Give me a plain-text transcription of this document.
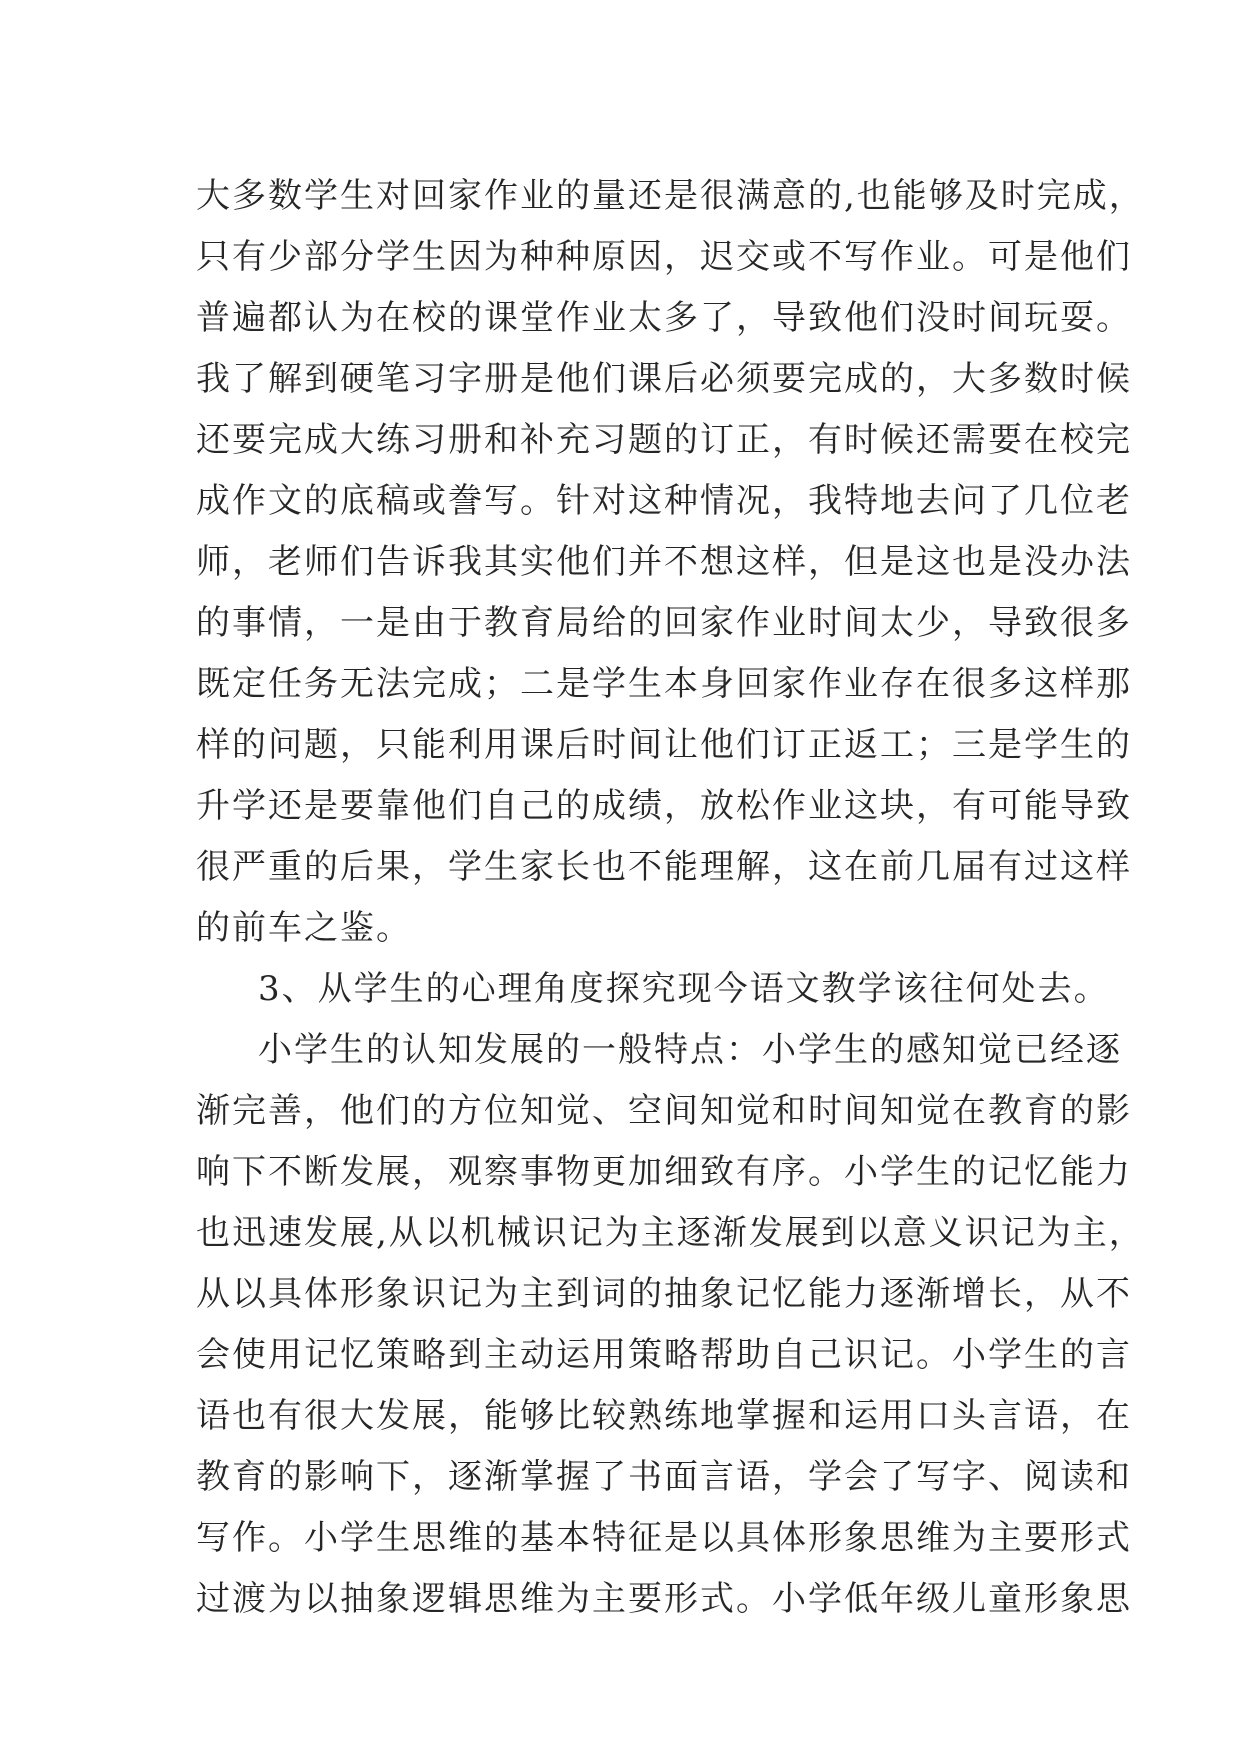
大多数学生对回家作业的量还是很满意的,也能够及时完成，
只有少部分学生因为种种原因，迟交或不写作业。可是他们
普遍都认为在校的课堂作业太多了，导致他们没时间玩耍。
我了解到硬笔习字册是他们课后必须要完成的，大多数时候
还要完成大练习册和补充习题的订正，有时候还需要在校完
成作文的底稿或誊写。针对这种情况，我特地去问了几位老
师，老师们告诉我其实他们并不想这样，但是这也是没办法
的事情，一是由于教育局给的回家作业时间太少，导致很多
既定任务无法完成；二是学生本身回家作业存在很多这样那
样的问题，只能利用课后时间让他们订正返工；三是学生的
升学还是要靠他们自己的成绩，放松作业这块，有可能导致
很严重的后果，学生家长也不能理解，这在前几届有过这样
的前车之鉴。
3、从学生的心理角度探究现今语文教学该往何处去。
小学生的认知发展的一般特点：小学生的感知觉已经逐
渐完善，他们的方位知觉、空间知觉和时间知觉在教育的影
响下不断发展，观察事物更加细致有序。小学生的记忆能力
也迅速发展,从以机械识记为主逐渐发展到以意义识记为主，
从以具体形象识记为主到词的抽象记忆能力逐渐增长，从不
会使用记忆策略到主动运用策略帮助自己识记。小学生的言
语也有很大发展，能够比较熟练地掌握和运用口头言语，在
教育的影响下，逐渐掌握了书面言语，学会了写字、阅读和
写作。小学生思维的基本特征是以具体形象思维为主要形式
过渡为以抽象逻辑思维为主要形式。小学低年级儿童形象思
